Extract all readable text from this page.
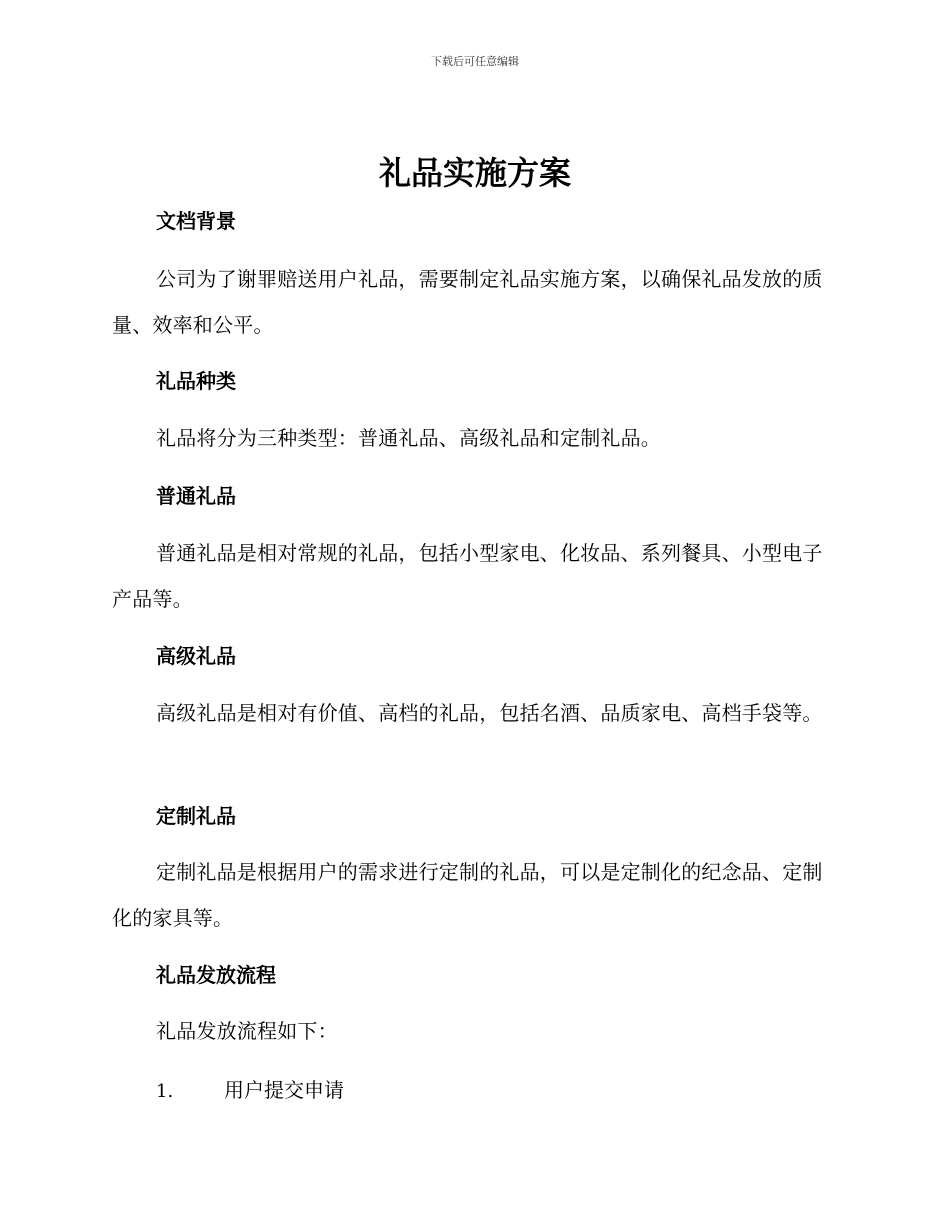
下载后可任意编辑
礼品实施方案
文档背景

公司为了谢罪赔送用户礼品，需要制定礼品实施方案，以确保礼品发放的质量、效率和公平。

礼品种类

礼品将分为三种类型：普通礼品、高级礼品和定制礼品。

普通礼品

普通礼品是相对常规的礼品，包括小型家电、化妆品、系列餐具、小型电子产品等。

高级礼品

高级礼品是相对有价值、高档的礼品，包括名酒、品质家电、高档手袋等。

定制礼品

定制礼品是根据用户的需求进行定制的礼品，可以是定制化的纪念品、定制化的家具等。

礼品发放流程

礼品发放流程如下：

1.	用户提交申请
